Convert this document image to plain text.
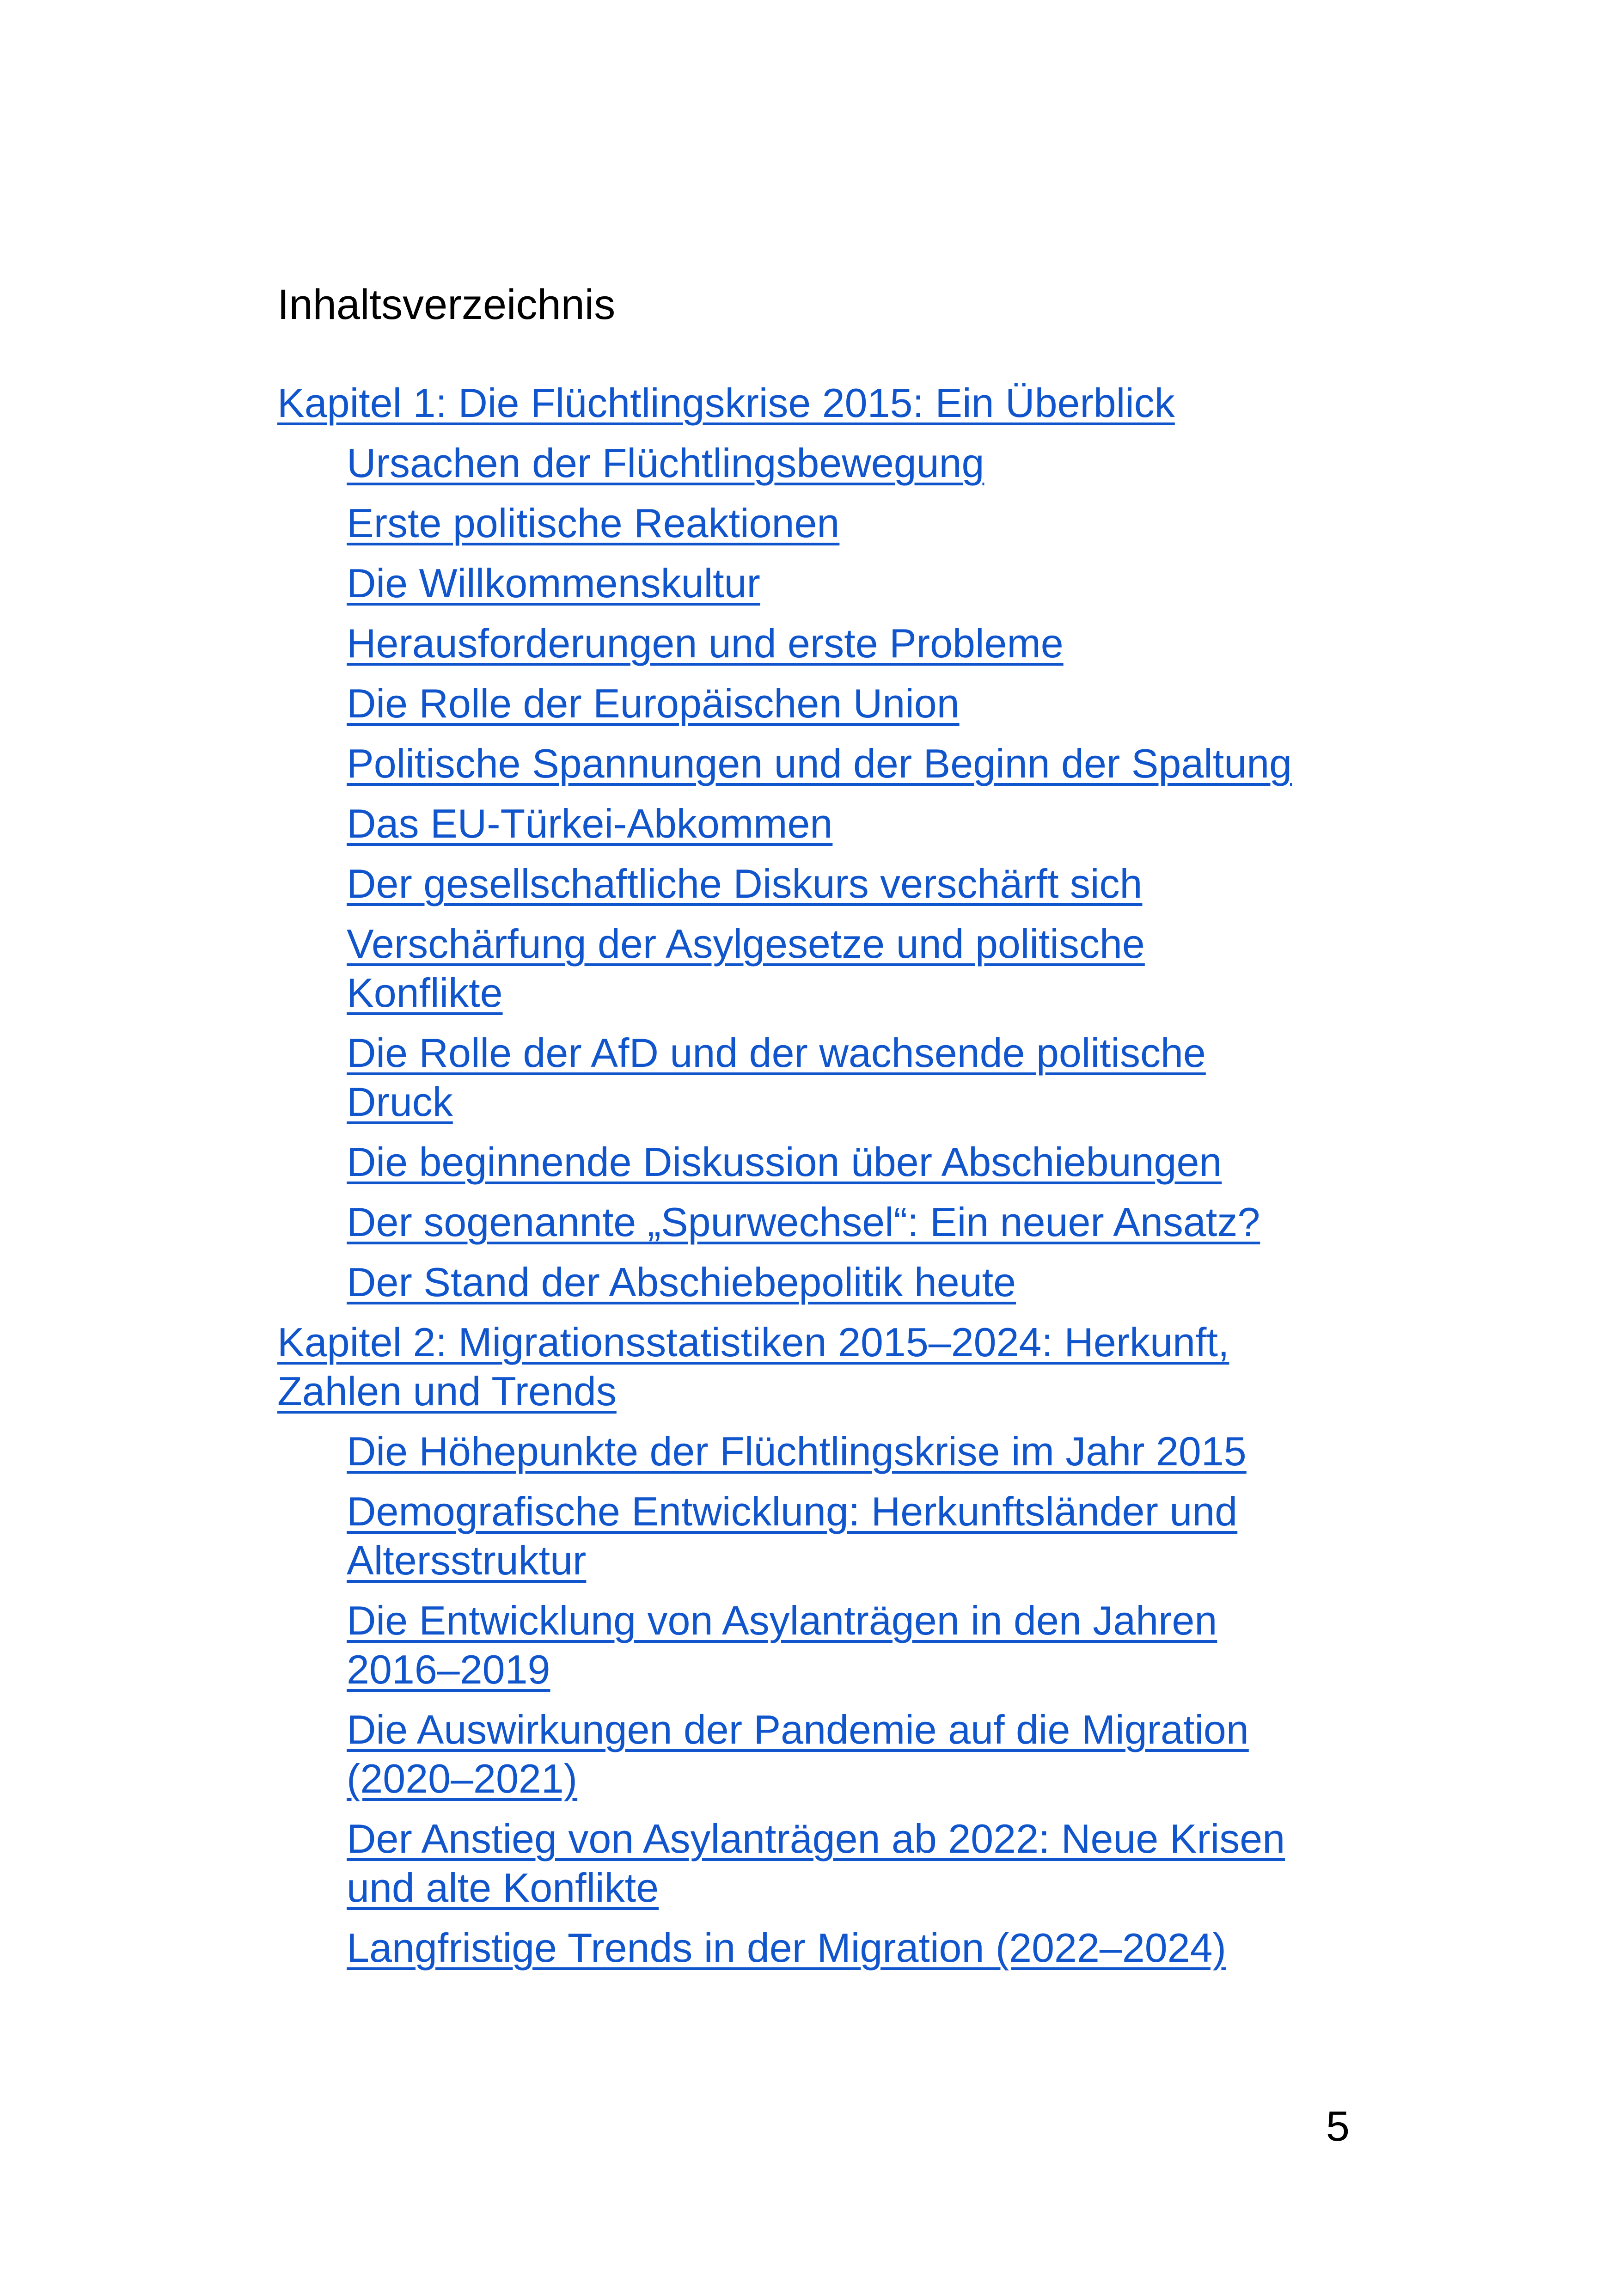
Inhaltsverzeichnis
Kapitel 1: Die Flüchtlingskrise 2015: Ein Überblick
Ursachen der Flüchtlingsbewegung
Erste politische Reaktionen
Die Willkommenskultur
Herausforderungen und erste Probleme
Die Rolle der Europäischen Union
Politische Spannungen und der Beginn der Spaltung
Das EU-Türkei-Abkommen
Der gesellschaftliche Diskurs verschärft sich
Verschärfung der Asylgesetze und politische
Konflikte
Die Rolle der AfD und der wachsende politische
Druck
Die beginnende Diskussion über Abschiebungen
Der sogenannte „Spurwechsel“: Ein neuer Ansatz?
Der Stand der Abschiebepolitik heute
Kapitel 2: Migrationsstatistiken 2015–2024: Herkunft,
Zahlen und Trends
Die Höhepunkte der Flüchtlingskrise im Jahr 2015
Demografische Entwicklung: Herkunftsländer und
Altersstruktur
Die Entwicklung von Asylanträgen in den Jahren
2016–2019
Die Auswirkungen der Pandemie auf die Migration
(2020–2021)
Der Anstieg von Asylanträgen ab 2022: Neue Krisen
und alte Konflikte
Langfristige Trends in der Migration (2022–2024)
5
